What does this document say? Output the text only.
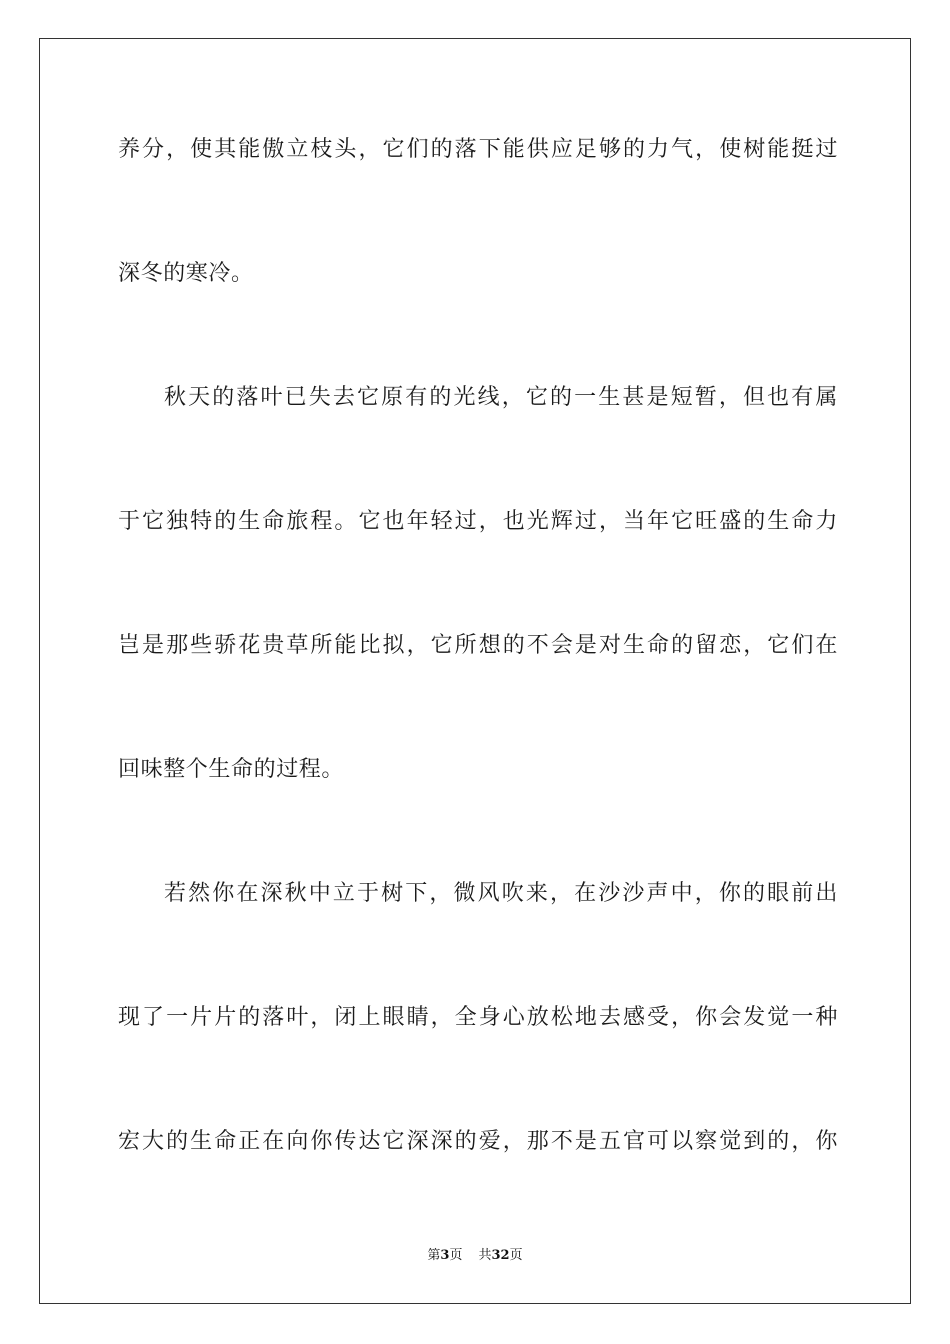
养分，使其能傲立枝头，它们的落下能供应足够的力气，使树能挺过
深冬的寒冷。
秋天的落叶已失去它原有的光线，它的一生甚是短暂，但也有属
于它独特的生命旅程。它也年轻过，也光辉过，当年它旺盛的生命力
岂是那些骄花贵草所能比拟，它所想的不会是对生命的留恋，它们在
回味整个生命的过程。
若然你在深秋中立于树下，微风吹来，在沙沙声中，你的眼前出
现了一片片的落叶，闭上眼睛，全身心放松地去感受，你会发觉一种
宏大的生命正在向你传达它深深的爱，那不是五官可以察觉到的，你
第3页 共32页
